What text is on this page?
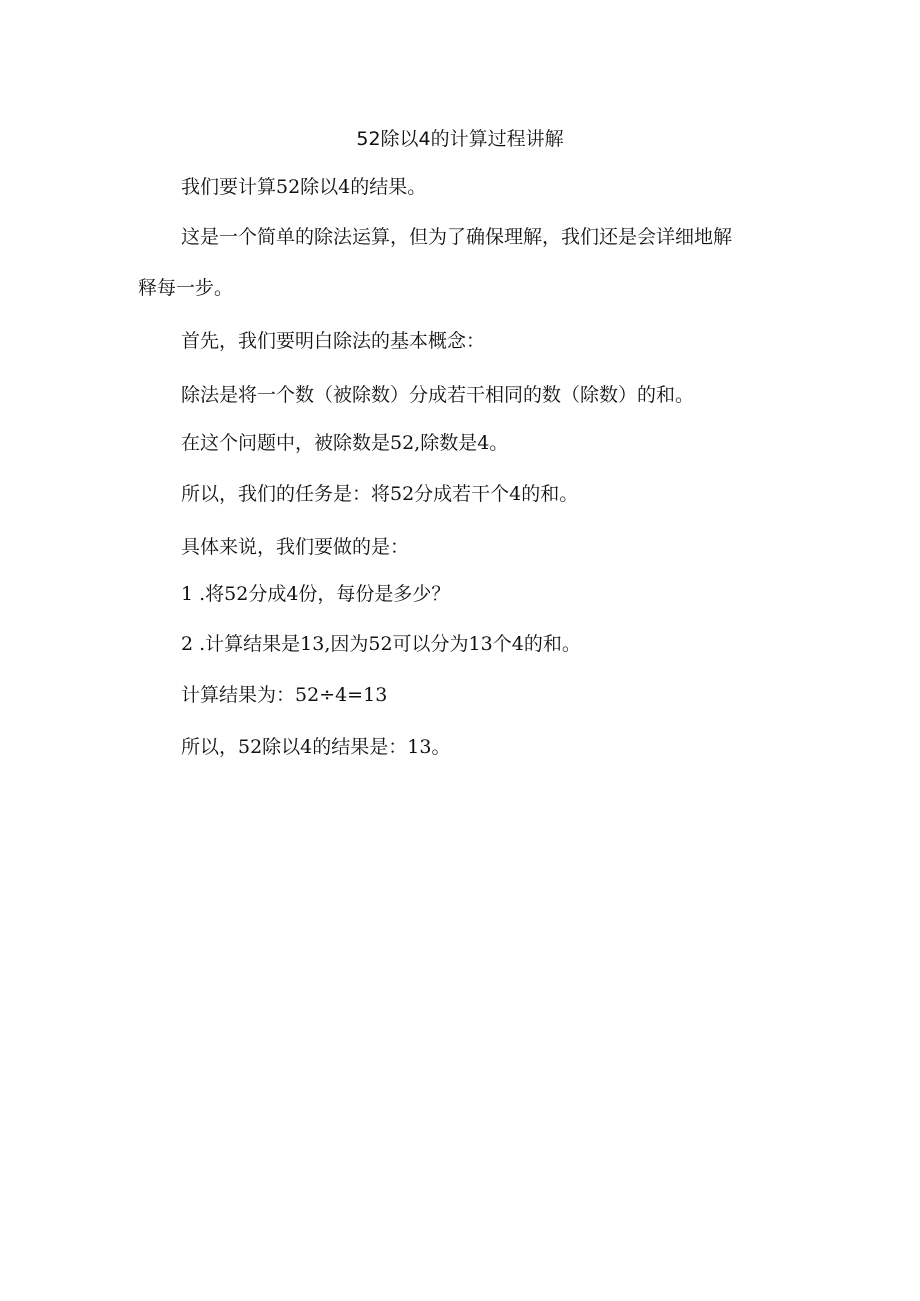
52除以4的计算过程讲解
我们要计算52除以4的结果。
这是一个简单的除法运算，但为了确保理解，我们还是会详细地解
释每一步。
首先，我们要明白除法的基本概念：
除法是将一个数（被除数）分成若干相同的数（除数）的和。
在这个问题中，被除数是52,除数是4。
所以，我们的任务是：将52分成若干个4的和。
具体来说，我们要做的是：
1 .将52分成4份，每份是多少？
2 .计算结果是13,因为52可以分为13个4的和。
计算结果为：52÷4=13
所以，52除以4的结果是：13。
